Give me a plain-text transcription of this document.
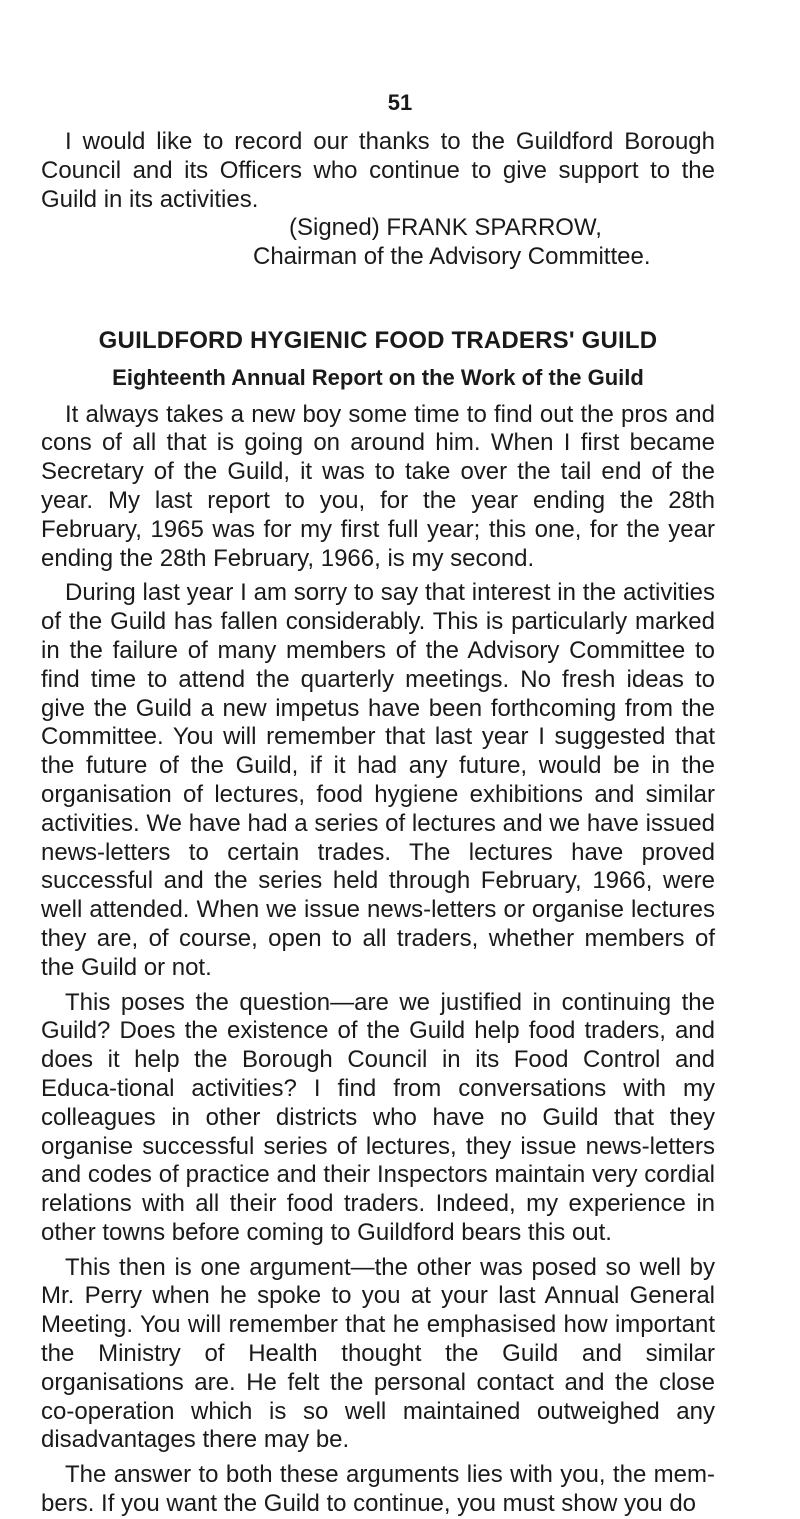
51

I would like to record our thanks to the Guildford Borough Council and its Officers who continue to give support to the Guild in its activities.

(Signed) FRANK SPARROW,
Chairman of the Advisory Committee.
GUILDFORD HYGIENIC FOOD TRADERS' GUILD
Eighteenth Annual Report on the Work of the Guild

It always takes a new boy some time to find out the pros and cons of all that is going on around him. When I first became Secretary of the Guild, it was to take over the tail end of the year. My last report to you, for the year ending the 28th February, 1965 was for my first full year; this one, for the year ending the 28th February, 1966, is my second.

During last year I am sorry to say that interest in the activities of the Guild has fallen considerably. This is particularly marked in the failure of many members of the Advisory Committee to find time to attend the quarterly meetings. No fresh ideas to give the Guild a new impetus have been forthcoming from the Committee. You will remember that last year I suggested that the future of the Guild, if it had any future, would be in the organisation of lectures, food hygiene exhibitions and similar activities. We have had a series of lectures and we have issued news-letters to certain trades. The lectures have proved successful and the series held through February, 1966, were well attended. When we issue news-letters or organise lectures they are, of course, open to all traders, whether members of the Guild or not.

This poses the question—are we justified in continuing the Guild? Does the existence of the Guild help food traders, and does it help the Borough Council in its Food Control and Educa-tional activities? I find from conversations with my colleagues in other districts who have no Guild that they organise successful series of lectures, they issue news-letters and codes of practice and their Inspectors maintain very cordial relations with all their food traders. Indeed, my experience in other towns before coming to Guildford bears this out.

This then is one argument—the other was posed so well by Mr. Perry when he spoke to you at your last Annual General Meeting. You will remember that he emphasised how important the Ministry of Health thought the Guild and similar organisations are. He felt the personal contact and the close co-operation which is so well maintained outweighed any disadvantages there may be.

The answer to both these arguments lies with you, the mem-bers. If you want the Guild to continue, you must show you do
